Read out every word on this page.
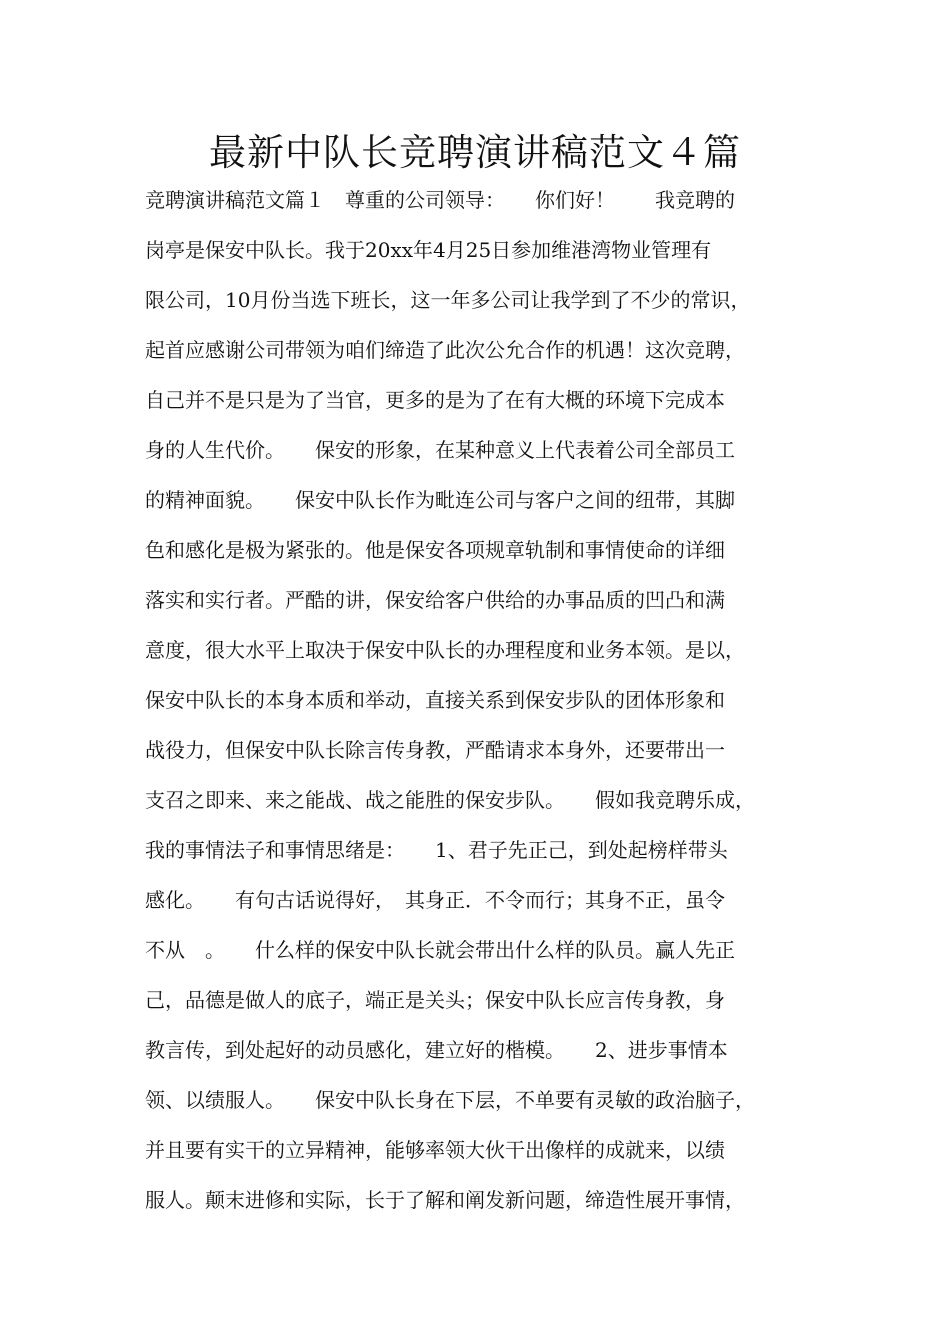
最新中队长竞聘演讲稿范文４篇
竞聘演讲稿范文篇１　尊重的公司领导：　　你们好！　　我竞聘的
岗亭是保安中队长。我于20xx年4月25日参加维港湾物业管理有
限公司，10月份当选下班长，这一年多公司让我学到了不少的常识，
起首应感谢公司带领为咱们缔造了此次公允合作的机遇！这次竞聘，
自己并不是只是为了当官，更多的是为了在有大概的环境下完成本
身的人生代价。　　保安的形象，在某种意义上代表着公司全部员工
的精神面貌。　　保安中队长作为毗连公司与客户之间的纽带，其脚
色和感化是极为紧张的。他是保安各项规章轨制和事情使命的详细
落实和实行者。严酷的讲，保安给客户供给的办事品质的凹凸和满
意度，很大水平上取决于保安中队长的办理程度和业务本领。是以，
保安中队长的本身本质和举动，直接关系到保安步队的团体形象和
战役力，但保安中队长除言传身教，严酷请求本身外，还要带出一
支召之即来、来之能战、战之能胜的保安步队。　　假如我竞聘乐成，
我的事情法子和事情思绪是：　　1、君子先正己，到处起榜样带头
感化。　　有句古话说得好，　其身正．不令而行；其身不正，虽令
不从　。　　什么样的保安中队长就会带出什么样的队员。赢人先正
己，品德是做人的底子，端正是关头；保安中队长应言传身教，身
教言传，到处起好的动员感化，建立好的楷模。　　2、进步事情本
领、以绩服人。　　保安中队长身在下层，不单要有灵敏的政治脑子，
并且要有实干的立异精神，能够率领大伙干出像样的成就来，以绩
服人。颠末进修和实际，长于了解和阐发新问题，缔造性展开事情，
